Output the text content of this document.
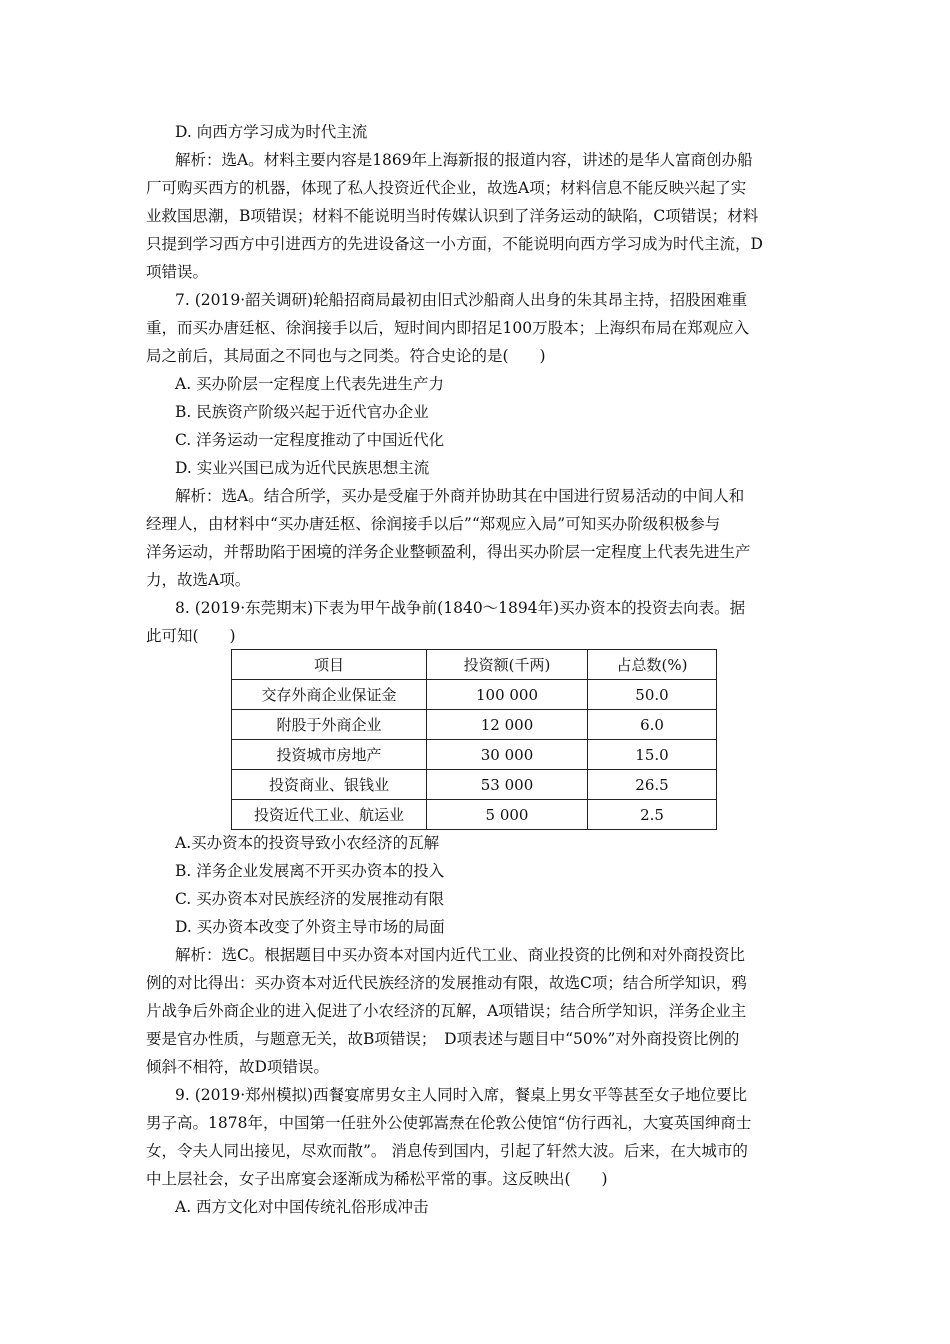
D. 向西方学习成为时代主流
解析：选A。材料主要内容是1869年上海新报的报道内容，讲述的是华人富商创办船
厂可购买西方的机器，体现了私人投资近代企业，故选A项；材料信息不能反映兴起了实
业救国思潮，B项错误；材料不能说明当时传媒认识到了洋务运动的缺陷，C项错误；材料
只提到学习西方中引进西方的先进设备这一小方面，不能说明向西方学习成为时代主流，D
项错误。
7. (2019·韶关调研)轮船招商局最初由旧式沙船商人出身的朱其昂主持，招股困难重
重，而买办唐廷枢、徐润接手以后，短时间内即招足100万股本；上海织布局在郑观应入
局之前后，其局面之不同也与之同类。符合史论的是(　　)
A. 买办阶层一定程度上代表先进生产力
B. 民族资产阶级兴起于近代官办企业
C. 洋务运动一定程度推动了中国近代化
D. 实业兴国已成为近代民族思想主流
解析：选A。结合所学，买办是受雇于外商并协助其在中国进行贸易活动的中间人和
经理人，由材料中“买办唐廷枢、徐润接手以后”“郑观应入局”可知买办阶级积极参与
洋务运动，并帮助陷于困境的洋务企业整顿盈利，得出买办阶层一定程度上代表先进生产
力，故选A项。
8. (2019·东莞期末)下表为甲午战争前(1840～1894年)买办资本的投资去向表。据
此可知(　　)
项目	投资额(千两)	占总数(%)
交存外商企业保证金	100 000	50.0
附股于外商企业	12 000	6.0
投资城市房地产	30 000	15.0
投资商业、银钱业	53 000	26.5
投资近代工业、航运业	5 000	2.5
A.买办资本的投资导致小农经济的瓦解
B. 洋务企业发展离不开买办资本的投入
C. 买办资本对民族经济的发展推动有限
D. 买办资本改变了外资主导市场的局面
解析：选C。根据题目中买办资本对国内近代工业、商业投资的比例和对外商投资比
例的对比得出：买办资本对近代民族经济的发展推动有限，故选C项；结合所学知识，鸦
片战争后外商企业的进入促进了小农经济的瓦解，A项错误；结合所学知识，洋务企业主
要是官办性质，与题意无关，故B项错误；　D项表述与题目中“50%”对外商投资比例的
倾斜不相符，故D项错误。
9. (2019·郑州模拟)西餐宴席男女主人同时入席，餐桌上男女平等甚至女子地位要比
男子高。1878年，中国第一任驻外公使郭嵩焘在伦敦公使馆“仿行西礼，大宴英国绅商士
女，令夫人同出接见，尽欢而散”。 消息传到国内，引起了轩然大波。后来，在大城市的
中上层社会，女子出席宴会逐渐成为稀松平常的事。这反映出(　　)
A. 西方文化对中国传统礼俗形成冲击
